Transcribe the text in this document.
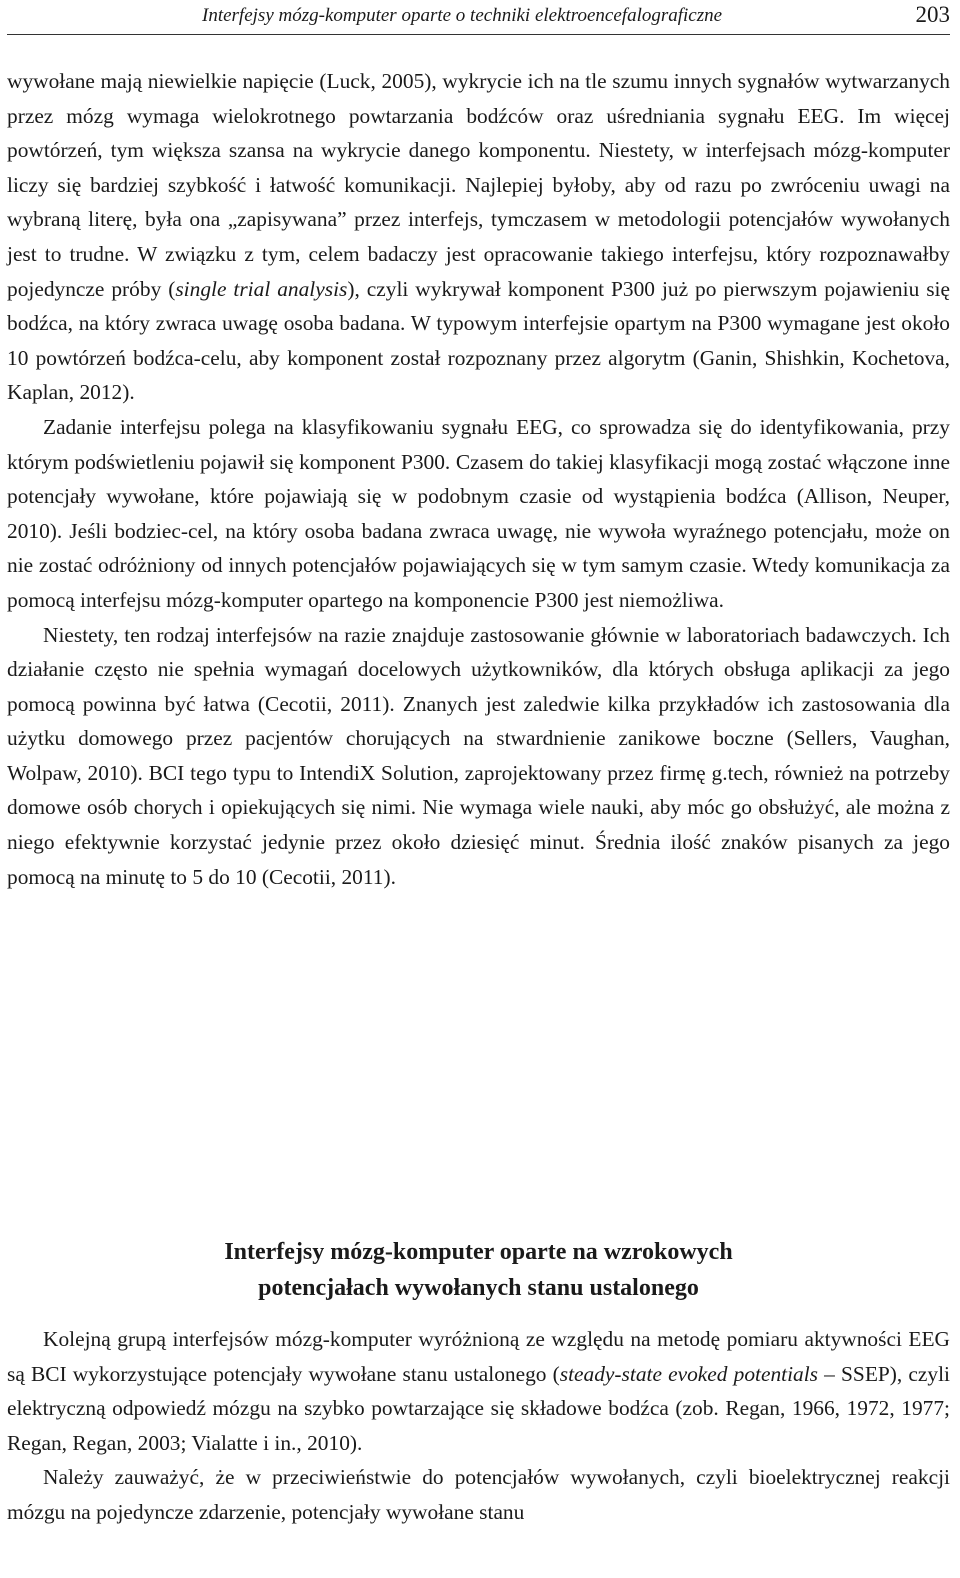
Interfejsy mózg-komputer oparte o techniki elektroencefalograficzne	203

wywołane mają niewielkie napięcie (Luck, 2005), wykrycie ich na tle szumu innych sygnałów wytwarzanych przez mózg wymaga wielokrotnego powtarzania bodźców oraz uśredniania sygnału EEG. Im więcej powtórzeń, tym większa szansa na wykrycie danego komponentu. Niestety, w interfejsach mózg-komputer liczy się bardziej szybkość i łatwość komunikacji. Najlepiej byłoby, aby od razu po zwróceniu uwagi na wybraną literę, była ona „zapisywana” przez interfejs, tymczasem w metodologii potencjałów wywołanych jest to trudne. W związku z tym, celem badaczy jest opracowanie takiego interfejsu, który rozpoznawałby pojedyncze próby (single trial analysis), czyli wykrywał komponent P300 już po pierwszym pojawieniu się bodźca, na który zwraca uwagę osoba badana. W typowym interfejsie opartym na P300 wymagane jest około 10 powtórzeń bodźca-celu, aby komponent został rozpoznany przez algorytm (Ganin, Shishkin, Kochetova, Kaplan, 2012).

Zadanie interfejsu polega na klasyfikowaniu sygnału EEG, co sprowadza się do identyfikowania, przy którym podświetleniu pojawił się komponent P300. Czasem do takiej klasyfikacji mogą zostać włączone inne potencjały wywołane, które pojawiają się w podobnym czasie od wystąpienia bodźca (Allison, Neuper, 2010). Jeśli bodziec-cel, na który osoba badana zwraca uwagę, nie wywoła wyraźnego potencjału, może on nie zostać odróżniony od innych potencjałów pojawiających się w tym samym czasie. Wtedy komunikacja za pomocą interfejsu mózg-komputer opartego na komponencie P300 jest niemożliwa.

Niestety, ten rodzaj interfejsów na razie znajduje zastosowanie głównie w laboratoriach badawczych. Ich działanie często nie spełnia wymagań docelowych użytkowników, dla których obsługa aplikacji za jego pomocą powinna być łatwa (Cecotii, 2011). Znanych jest zaledwie kilka przykładów ich zastosowania dla użytku domowego przez pacjentów chorujących na stwardnienie zanikowe boczne (Sellers, Vaughan, Wolpaw, 2010). BCI tego typu to IntendiX Solution, zaprojektowany przez firmę g.tech, również na potrzeby domowe osób chorych i opiekujących się nimi. Nie wymaga wiele nauki, aby móc go obsłużyć, ale można z niego efektywnie korzystać jedynie przez około dziesięć minut. Średnia ilość znaków pisanych za jego pomocą na minutę to 5 do 10 (Cecotii, 2011).

Interfejsy mózg-komputer oparte na wzrokowych
potencjałach wywołanych stanu ustalonego

Kolejną grupą interfejsów mózg-komputer wyróżnioną ze względu na metodę pomiaru aktywności EEG są BCI wykorzystujące potencjały wywołane stanu ustalonego (steady-state evoked potentials – SSEP), czyli elektryczną odpowiedź mózgu na szybko powtarzające się składowe bodźca (zob. Regan, 1966, 1972, 1977; Regan, Regan, 2003; Vialatte i in., 2010).

Należy zauważyć, że w przeciwieństwie do potencjałów wywołanych, czyli bioelektrycznej reakcji mózgu na pojedyncze zdarzenie, potencjały wywołane stanu
